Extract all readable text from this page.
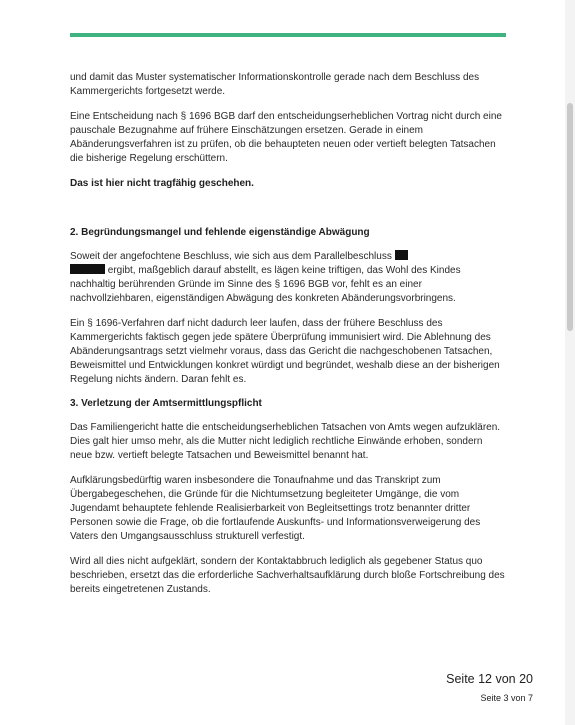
und damit das Muster systematischer Informationskontrolle gerade nach dem Beschluss des Kammergerichts fortgesetzt werde.

Eine Entscheidung nach § 1696 BGB darf den entscheidungserheblichen Vortrag nicht durch eine pauschale Bezugnahme auf frühere Einschätzungen ersetzen. Gerade in einem Abänderungsverfahren ist zu prüfen, ob die behaupteten neuen oder vertieft belegten Tatsachen die bisherige Regelung erschüttern.

Das ist hier nicht tragfähig geschehen.

2. Begründungsmangel und fehlende eigenständige Abwägung

Soweit der angefochtene Beschluss, wie sich aus dem Parallelbeschluss
ergibt, maßgeblich darauf abstellt, es lägen keine triftigen, das Wohl des Kindes nachhaltig berührenden Gründe im Sinne des § 1696 BGB vor, fehlt es an einer nachvollziehbaren, eigenständigen Abwägung des konkreten Abänderungsvorbringens.

Ein § 1696-Verfahren darf nicht dadurch leer laufen, dass der frühere Beschluss des Kammergerichts faktisch gegen jede spätere Überprüfung immunisiert wird. Die Ablehnung des Abänderungsantrags setzt vielmehr voraus, dass das Gericht die nachgeschobenen Tatsachen, Beweismittel und Entwicklungen konkret würdigt und begründet, weshalb diese an der bisherigen Regelung nichts ändern. Daran fehlt es.

3. Verletzung der Amtsermittlungspflicht

Das Familiengericht hatte die entscheidungserheblichen Tatsachen von Amts wegen aufzuklären. Dies galt hier umso mehr, als die Mutter nicht lediglich rechtliche Einwände erhoben, sondern neue bzw. vertieft belegte Tatsachen und Beweismittel benannt hat.

Aufklärungsbedürftig waren insbesondere die Tonaufnahme und das Transkript zum Übergabegeschehen, die Gründe für die Nichtumsetzung begleiteter Umgänge, die vom Jugendamt behauptete fehlende Realisierbarkeit von Begleitsettings trotz benannter dritter Personen sowie die Frage, ob die fortlaufende Auskunfts- und Informationsverweigerung des Vaters den Umgangsausschluss strukturell verfestigt.

Wird all dies nicht aufgeklärt, sondern der Kontaktabbruch lediglich als gegebener Status quo beschrieben, ersetzt das die erforderliche Sachverhaltsaufklärung durch bloße Fortschreibung des bereits eingetretenen Zustands.

Seite 12 von 20
Seite 3 von 7
